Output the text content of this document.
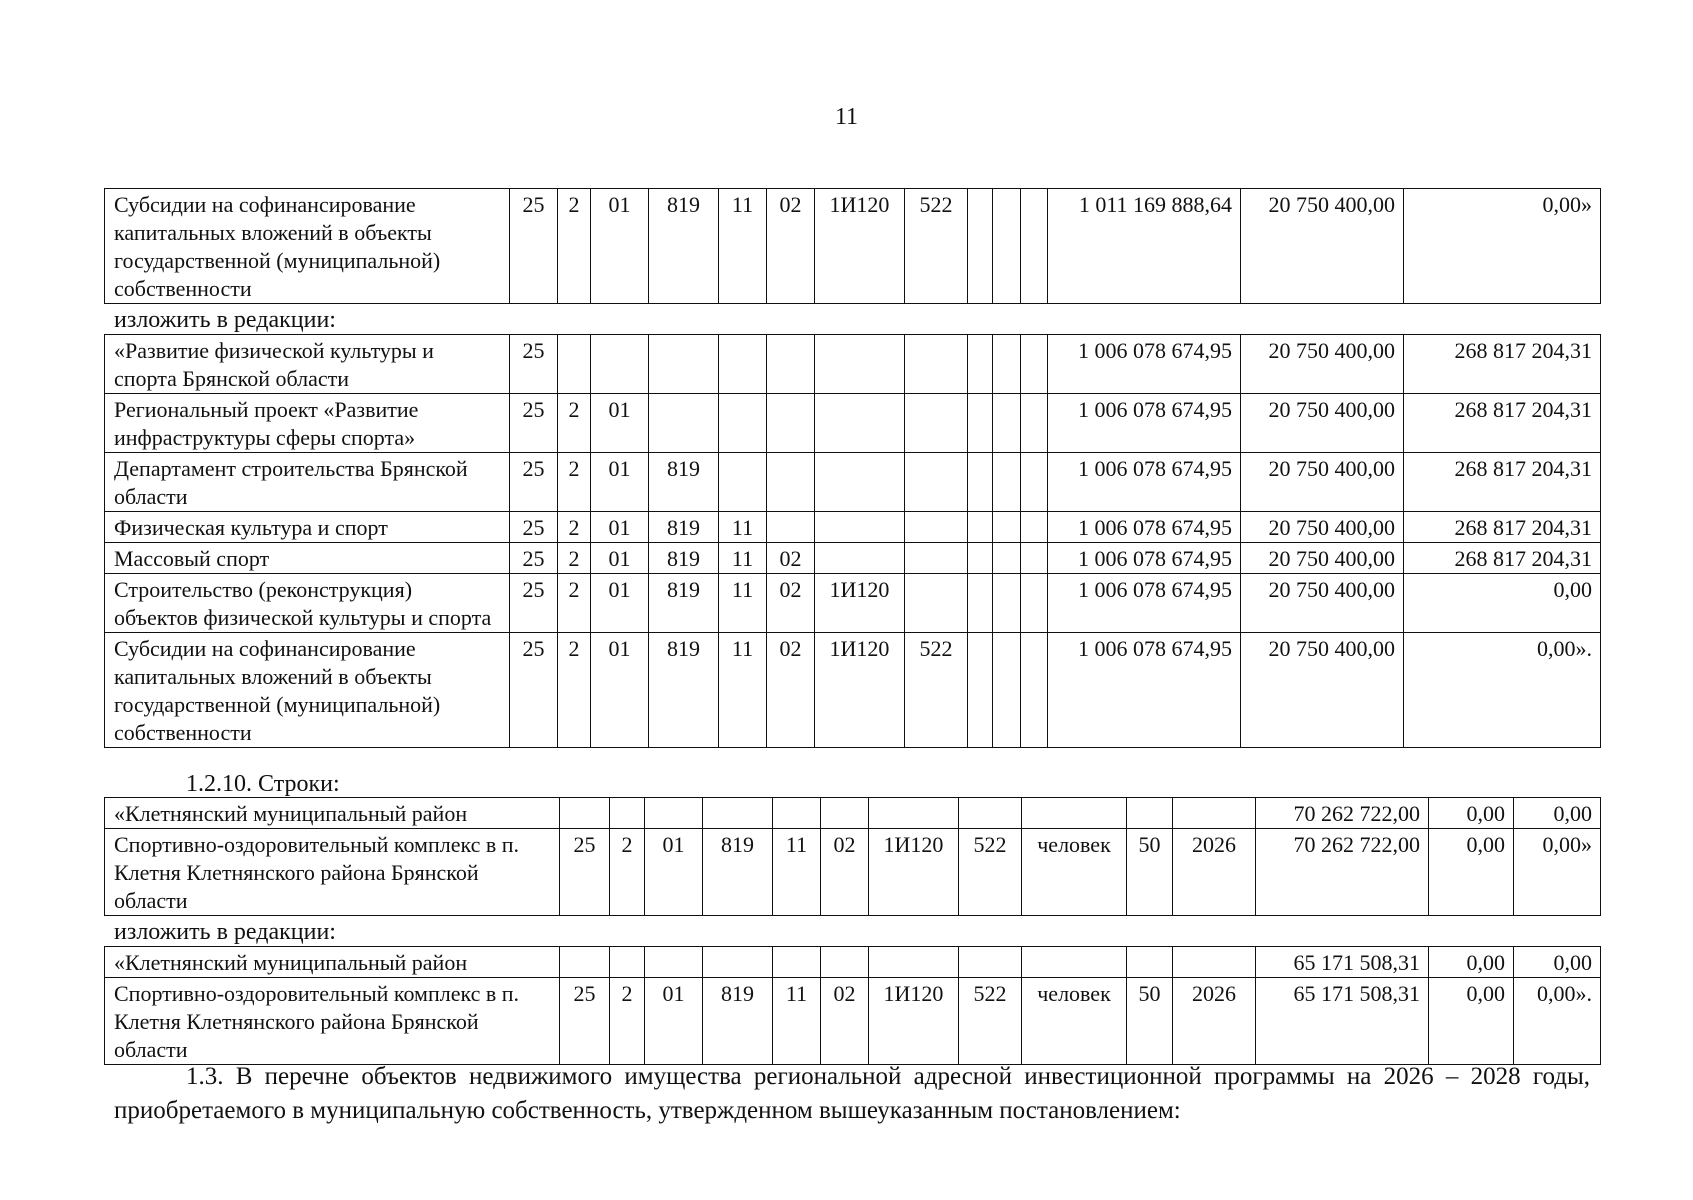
11
Субсидии на софинансирование капитальных вложений в объекты государственной (муниципальной) собственности	25	2	01	819	11	02	1И120	522				1 011 169 888,64	20 750 400,00	0,00»
изложить в редакции:
«Развитие физической культуры и спорта Брянской области	25											1 006 078 674,95	20 750 400,00	268 817 204,31
Региональный проект «Развитие инфраструктуры сферы спорта»	25	2	01									1 006 078 674,95	20 750 400,00	268 817 204,31
Департамент строительства Брянской области	25	2	01	819								1 006 078 674,95	20 750 400,00	268 817 204,31
Физическая культура и спорт	25	2	01	819	11							1 006 078 674,95	20 750 400,00	268 817 204,31
Массовый спорт	25	2	01	819	11	02						1 006 078 674,95	20 750 400,00	268 817 204,31
Строительство (реконструкция) объектов физической культуры и спорта	25	2	01	819	11	02	1И120					1 006 078 674,95	20 750 400,00	0,00
Субсидии на софинансирование капитальных вложений в объекты государственной (муниципальной) собственности	25	2	01	819	11	02	1И120	522				1 006 078 674,95	20 750 400,00	0,00».
1.2.10. Строки:
«Клетнянский муниципальный район												70 262 722,00	0,00	0,00
Спортивно-оздоровительный комплекс в п. Клетня Клетнянского района Брянской области	25	2	01	819	11	02	1И120	522	человек	50	2026	70 262 722,00	0,00	0,00»
изложить в редакции:
«Клетнянский муниципальный район												65 171 508,31	0,00	0,00
Спортивно-оздоровительный комплекс в п. Клетня Клетнянского района Брянской области	25	2	01	819	11	02	1И120	522	человек	50	2026	65 171 508,31	0,00	0,00».
1.3. В перечне объектов недвижимого имущества региональной адресной инвестиционной программы на 2026 – 2028 годы, приобретаемого в муниципальную собственность, утвержденном вышеуказанным постановлением:
